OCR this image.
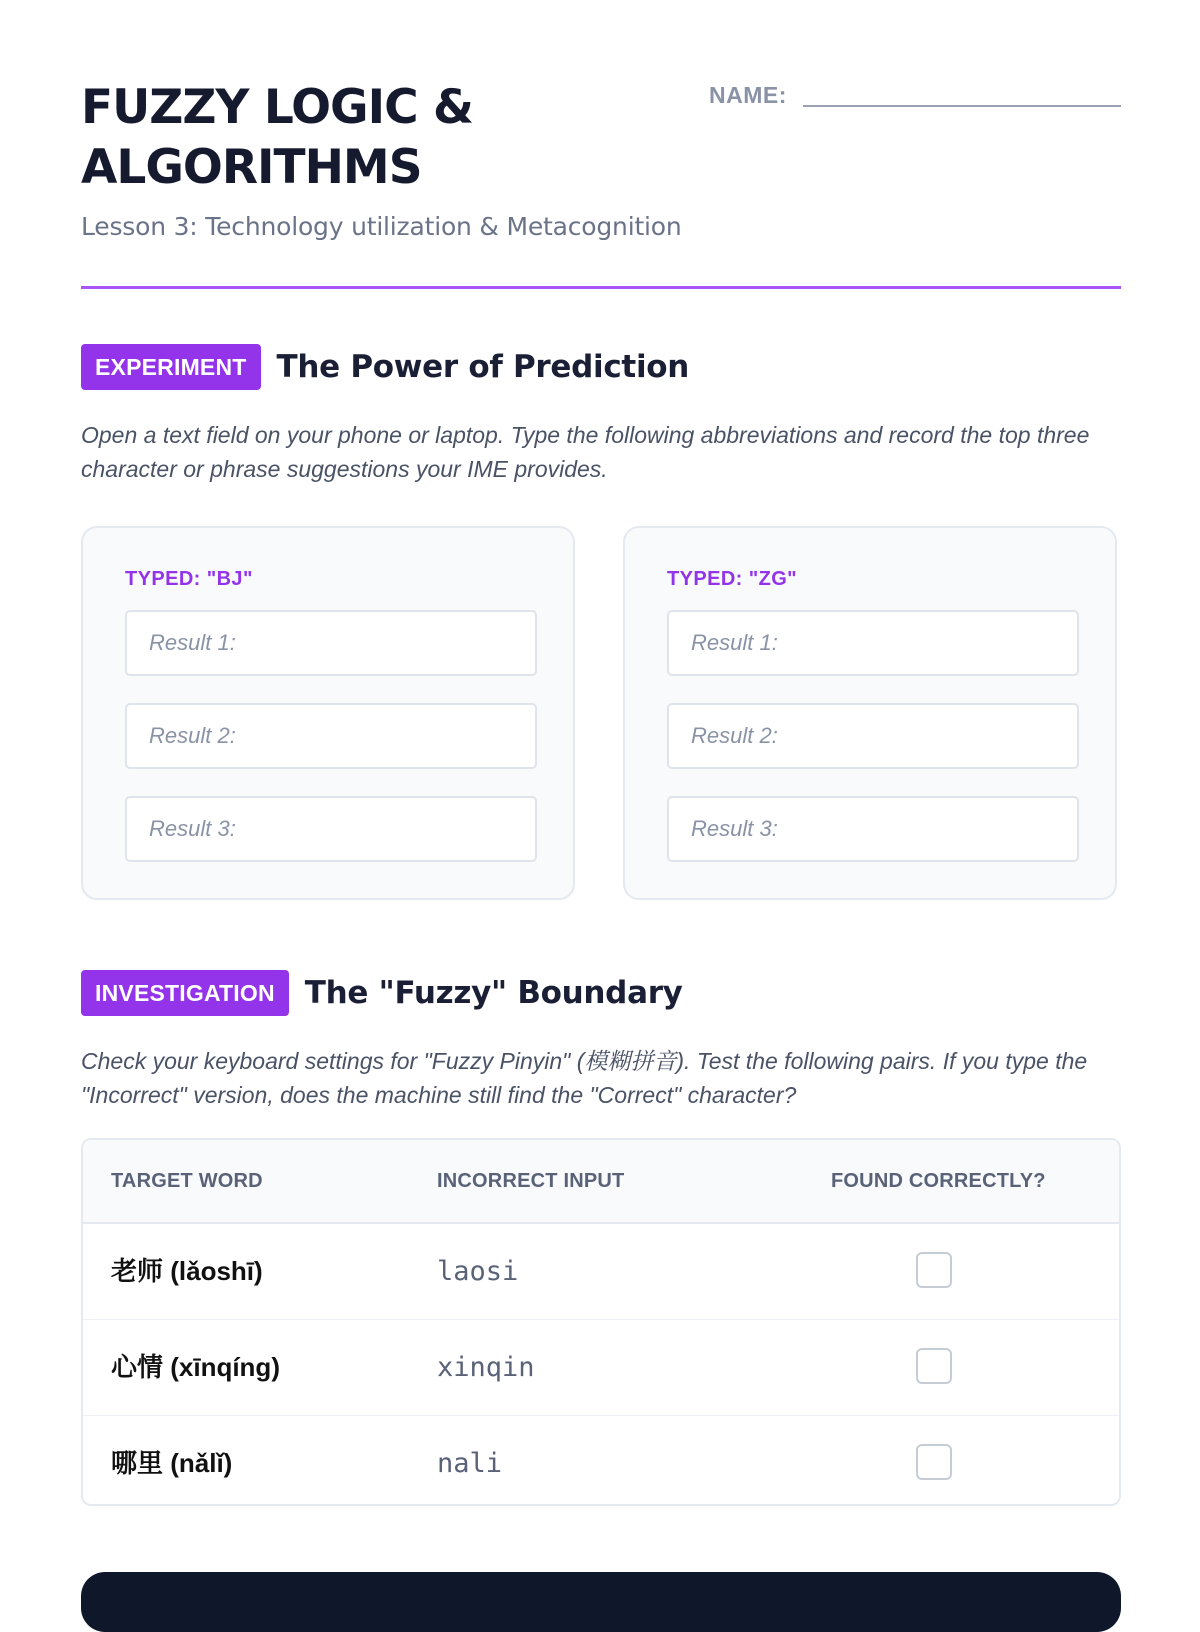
FUZZY LOGIC & ALGORITHMS
Lesson 3: Technology utilization & Metacognition
NAME:
EXPERIMENT The Power of Prediction
Open a text field on your phone or laptop. Type the following abbreviations and record the top three character or phrase suggestions your IME provides.
TYPED: "BJ"
Result 1:
Result 2:
Result 3:
TYPED: "ZG"
Result 1:
Result 2:
Result 3:
INVESTIGATION The "Fuzzy" Boundary
Check your keyboard settings for "Fuzzy Pinyin" (模糊拼音). Test the following pairs. If you type the "Incorrect" version, does the machine still find the "Correct" character?
TARGET WORD	INCORRECT INPUT	FOUND CORRECTLY?
老师 (lǎoshī)	laosi
心情 (xīnqíng)	xinqin
哪里 (nǎlǐ)	nali
